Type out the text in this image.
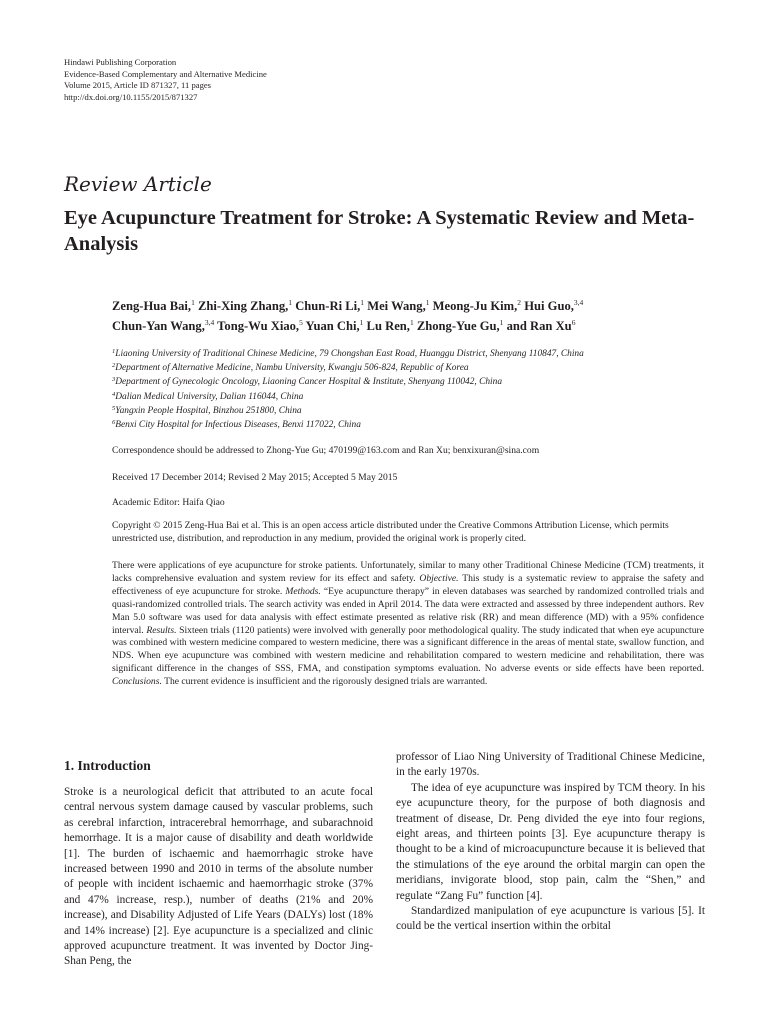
Hindawi Publishing Corporation
Evidence-Based Complementary and Alternative Medicine
Volume 2015, Article ID 871327, 11 pages
http://dx.doi.org/10.1155/2015/871327
Review Article
Eye Acupuncture Treatment for Stroke: A Systematic Review and Meta-Analysis
Zeng-Hua Bai,$^1$ Zhi-Xing Zhang,$^1$ Chun-Ri Li,$^1$ Mei Wang,$^1$ Meong-Ju Kim,$^2$ Hui Guo,$^{3,4}$
Chun-Yan Wang,$^{3,4}$ Tong-Wu Xiao,$^5$ Yuan Chi,$^1$ Lu Ren,$^1$ Zhong-Yue Gu,$^1$ and Ran Xu$^6$
$^1$Liaoning University of Traditional Chinese Medicine, 79 Chongshan East Road, Huanggu District, Shenyang 110847, China
$^2$Department of Alternative Medicine, Nambu University, Kwangju 506-824, Republic of Korea
$^3$Department of Gynecologic Oncology, Liaoning Cancer Hospital & Institute, Shenyang 110042, China
$^4$Dalian Medical University, Dalian 116044, China
$^5$Yangxin People Hospital, Binzhou 251800, China
$^6$Benxi City Hospital for Infectious Diseases, Benxi 117022, China
Correspondence should be addressed to Zhong-Yue Gu; 470199@163.com and Ran Xu; benxixuran@sina.com
Received 17 December 2014; Revised 2 May 2015; Accepted 5 May 2015
Academic Editor: Haifa Qiao
Copyright © 2015 Zeng-Hua Bai et al. This is an open access article distributed under the Creative Commons Attribution License, which permits unrestricted use, distribution, and reproduction in any medium, provided the original work is properly cited.
There were applications of eye acupuncture for stroke patients. Unfortunately, similar to many other Traditional Chinese Medicine (TCM) treatments, it lacks comprehensive evaluation and system review for its effect and safety. Objective. This study is a systematic review to appraise the safety and effectiveness of eye acupuncture for stroke. Methods. “Eye acupuncture therapy” in eleven databases was searched by randomized controlled trials and quasi-randomized controlled trials. The search activity was ended in April 2014. The data were extracted and assessed by three independent authors. Rev Man 5.0 software was used for data analysis with effect estimate presented as relative risk (RR) and mean difference (MD) with a 95% confidence interval. Results. Sixteen trials (1120 patients) were involved with generally poor methodological quality. The study indicated that when eye acupuncture was combined with western medicine compared to western medicine, there was a significant difference in the areas of mental state, swallow function, and NDS. When eye acupuncture was combined with western medicine and rehabilitation compared to western medicine and rehabilitation, there was significant difference in the changes of SSS, FMA, and constipation symptoms evaluation. No adverse events or side effects have been reported. Conclusions. The current evidence is insufficient and the rigorously designed trials are warranted.
1. Introduction

Stroke is a neurological deficit that attributed to an acute focal central nervous system damage caused by vascular problems, such as cerebral infarction, intracerebral hemorrhage, and subarachnoid hemorrhage. It is a major cause of disability and death worldwide [1]. The burden of ischaemic and haemorrhagic stroke have increased between 1990 and 2010 in terms of the absolute number of people with incident ischaemic and haemorrhagic stroke (37% and 47% increase, resp.), number of deaths (21% and 20% increase), and Disability Adjusted of Life Years (DALYs) lost (18% and 14% increase) [2]. Eye acupuncture is a specialized and clinic approved acupuncture treatment. It was invented by Doctor Jing-Shan Peng, the

professor of Liao Ning University of Traditional Chinese Medicine, in the early 1970s.

The idea of eye acupuncture was inspired by TCM theory. In his eye acupuncture theory, for the purpose of both diagnosis and treatment of disease, Dr. Peng divided the eye into four regions, eight areas, and thirteen points [3]. Eye acupuncture therapy is thought to be a kind of microacupuncture because it is believed that the stimulations of the eye around the orbital margin can open the meridians, invigorate blood, stop pain, calm the “Shen,” and regulate “Zang Fu” function [4].

Standardized manipulation of eye acupuncture is various [5]. It could be the vertical insertion within the orbital
